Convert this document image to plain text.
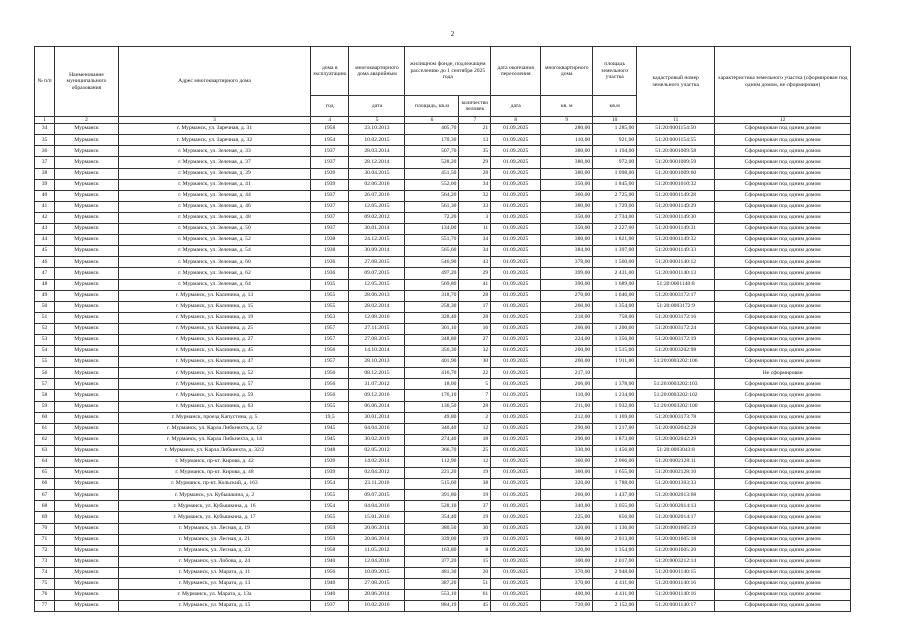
2
№ п/п	Наименование муниципального образования	Адрес многоквартирного дома	дома в эксплуатацию	многоквартирного дома аварийным	жилищном фонде, подлежащем расселению до 1 сентября 2025 года		дата окончания переселения	многоквартирного дома	площадь земельного участка	кадастровый номер земельного участка	характеристика земельного участка (сформирован под одним домом, не сформирован)
			год	дата	площадь, кв.м	количество человек	дата	кв. м	кв.м		
1	2	3	4	5	6	7	8	9	10	11	12
34	Мурманск	г. Мурманск, ул. Заречная, д. 31	1958	23.10.2013	405,70	21	01.09.2025	280,00	1 285,00	51:20:0001154:50	Сформирован под одним домом
35	Мурманск	г. Мурманск, ул. Заречная, д. 32	1954	10.02.2015	170,30	13	01.09.2025	110,00	921,00	51:20:0001154:55	Сформирован под одним домом
36	Мурманск	г. Мурманск, ул. Зеленая, д. 33	1937	28.03.2014	507,70	35	01.09.2025	380,00	1 194,00	51:20:0001009:58	Сформирован под одним домом
37	Мурманск	г. Мурманск, ул. Зеленая, д. 37	1937	28.12.2014	528,20	29	01.09.2025	380,00	972,00	51:20:0001009:59	Сформирован под одним домом
38	Мурманск	г. Мурманск, ул. Зеленая, д. 39	1939	30.04.2015	451,50	28	01.09.2025	380,00	1 098,00	51:20:0001009:60	Сформирован под одним домом
39	Мурманск	г. Мурманск, ул. Зеленая, д. 41	1939	02.06.2016	552,00	34	01.09.2025	350,00	1 845,00	51:20:0001010:32	Сформирован под одним домом
40	Мурманск	г. Мурманск, ул. Зеленая, д. 44	1937	26.07.2016	564,20	32	01.09.2025	360,00	2 725,00	51:20:0001149:28	Сформирован под одним домом
41	Мурманск	г. Мурманск, ул. Зеленая, д. 46	1937	12.05.2015	561,30	33	01.09.2025	380,00	1 729,00	51:20:0001149:29	Сформирован под одним домом
42	Мурманск	г. Мурманск, ул. Зеленая, д. 48	1937	09.02.2012	72,20	3	01.09.2025	350,00	2 734,00	51:20:0001149:30	Сформирован под одним домом
43	Мурманск	г. Мурманск, ул. Зеленая, д. 50	1937	30.01.2014	134,00	11	01.09.2025	350,00	2 227,00	51:20:0001149:31	Сформирован под одним домом
44	Мурманск	г. Мурманск, ул. Зеленая, д. 52	1938	24.12.2015	551,70	34	01.09.2025	380,00	1 821,00	51:20:0001149:32	Сформирован под одним домом
45	Мурманск	г. Мурманск, ул. Зеленая, д. 54	1938	30.09.2014	565,60	34	01.09.2025	384,00	1 397,00	51:20:0001149:33	Сформирован под одним домом
46	Мурманск	г. Мурманск, ул. Зеленая, д. 60	1936	27.08.2015	546,90	43	01.09.2025	378,00	1 560,00	51:20:0001140:12	Сформирован под одним домом
47	Мурманск	г. Мурманск, ул. Зеленая, д. 62	1936	09.07.2015	497,20	29	01.09.2025	399,00	2 431,00	51:20:0001140:13	Сформирован под одним домом
48	Мурманск	г. Мурманск, ул. Зеленая, д. 64	1935	12.05.2015	569,80	41	01.09.2025	390,00	1 689,00	51:20:0001140:8	Сформирован под одним домом
49	Мурманск	г. Мурманск, ул. Калинина, д. 13	1955	28.06.2013	318,70	28	01.09.2025	270,00	1 646,00	51:20:0003172:17	Сформирован под одним домом
50	Мурманск	г. Мурманск, ул. Калинина, д. 15	1955	28.02.2014	258,30	17	01.09.2025	260,00	1 354,00	51:20:0003172:9	Сформирован под одним домом
51	Мурманск	г. Мурманск, ул. Калинина, д. 19	1953	12.08.2016	328,40	28	01.09.2025	218,00	758,00	51:20:0003172:16	Сформирован под одним домом
52	Мурманск	г. Мурманск, ул. Калинина, д. 25	1957	27.11.2015	301,10	16	01.09.2025	260,00	1 200,00	51:20:0003172:24	Сформирован под одним домом
53	Мурманск	г. Мурманск, ул. Калинина, д. 27	1957	27.08.2015	348,80	27	01.09.2025	224,00	1 356,00	51:20:0003172:19	Сформирован под одним домом
54	Мурманск	г. Мурманск, ул. Калинина, д. 45	1956	14.10.2014	356,30	32	01.09.2025	260,00	1 515,00	51:20:0003202:98	Сформирован под одним домом
55	Мурманск	г. Мурманск, ул. Калинина, д. 47	1957	28.10.2013	401,90	30	01.09.2025	260,00	1 911,00	51:20:0003202:106	Сформирован под одним домом
56	Мурманск	г. Мурманск, ул. Калинина, д. 52	1956	08.12.2015	416,70	22	01.09.2025	217,10			Не сформирован
57	Мурманск	г. Мурманск, ул. Калинина, д. 57	1956	31.07.2012	18,00	5	01.09.2025	206,00	1 378,00	51:20:0003202:103	Сформирован под одним домом
58	Мурманск	г. Мурманск, ул. Калинина, д. 59	1956	09.12.2016	176,10	7	01.09.2025	110,00	1 234,00	51:20:0003202:102	Сформирован под одним домом
59	Мурманск	г. Мурманск, ул. Калинина, д. 63	1955	06.06.2014	136,50	28	01.09.2025	211,00	1 932,00	51:20:0003202:100	Сформирован под одним домом
60	Мурманск	г. Мурманск, проезд Капустина, д. 5	19,5	30.01.2014	49,80	2	01.09.2025	212,00	1 169,00	51:20:0003173:78	Сформирован под одним домом
61	Мурманск	г. Мурманск, ул. Карла Либкнехта, д. 12	1945	04.04.2016	340,40	12	01.09.2025	290,00	1 217,00	51:20:0002042:28	Сформирован под одним домом
62	Мурманск	г. Мурманск, ул. Карла Либкнехта, д. 14	1945	30.02.2019	274,40	18	01.09.2025	290,00	1 873,00	51:20:0002042:29	Сформирован под одним домом
63	Мурманск	г. Мурманск, ул. Карла Либкнехта, д. 32/2	1948	02.05.2012	366,70	25	01.09.2025	330,00	1 456,00	51:20:0003043:8	Сформирован под одним домом
64	Мурманск	г. Мурманск, пр-кт. Кирова, д. 42	1939	14.02.2014	112,90	12	01.09.2025	360,00	2 066,00	51:20:0002128:11	Сформирован под одним домом
65	Мурманск	г. Мурманск, пр-кт. Кирова, д. 48	1939	02.04.2012	221,20	19	01.09.2025	360,00	1 655,00	51:20:0002128:10	Сформирован под одним домом
66	Мурманск	г. Мурманск, пр-кт. Кольский, д. 163	1954	23.11.2016	515,60	38	01.09.2025	320,00	1 788,00	51:20:0001303:33	Сформирован под одним домом
67	Мурманск	г. Мурманск, ул. Кубышкина, д. 2	1955	09.07.2015	391,80	19	01.09.2025	260,00	1 437,00	51:20:0002013:68	Сформирован под одним домом
68	Мурманск	г. Мурманск, ул. Кубышкина, д. 16	1954	04.04.2016	528,10	37	01.09.2025	340,00	3 055,00	51:20:0002014:13	Сформирован под одним домом
69	Мурманск	г. Мурманск, ул. Кубышкина, д. 17	1955	15.01.2016	354,40	19	01.09.2025	225,00	856,00	51:20:0002014:17	Сформирован под одним домом
70	Мурманск	г. Мурманск, ул. Лесная, д. 19	1959	20.06.2014	380,50	30	01.09.2025	320,00	1 136,00	51:20:0001605:19	Сформирован под одним домом
71	Мурманск	г. Мурманск, ул. Лесная, д. 21	1959	20.06.2014	339,00	19	01.09.2025	600,00	2 013,00	51:20:0001605:18	Сформирован под одним домом
72	Мурманск	г. Мурманск, ул. Лесная, д. 23	1958	11.05.2012	163,80	8	01.09.2025	320,00	1 354,00	51:20:0001605:20	Сформирован под одним домом
73	Мурманск	г. Мурманск, ул. Лобова, д. 24	1940	12.04.2016	377,20	15	01.09.2025	300,00	2 017,00	51:20:0003212:14	Сформирован под одним домом
74	Мурманск	г. Мурманск, ул. Марата, д. 11	1956	10.09.2015	481,30	20	01.09.2025	370,00	2 948,00	51:20:0001140:15	Сформирован под одним домом
75	Мурманск	г. Мурманск, ул. Марата, д. 13	1940	27.08.2015	387,20	51	01.09.2025	370,00	4 411,00	51:20:0001140:16	Сформирован под одним домом
76	Мурманск	г. Мурманск, ул. Марата, д. 13а	1940	20.06.2014	553,10	61	01.09.2025	400,00	4 411,00	51:20:0001140:16	Сформирован под одним домом
77	Мурманск	г. Мурманск, ул. Марата, д. 15	1937	10.02.2016	884,19	45	01.09.2025	720,00	2 152,00	51:20:0001140:17	Сформирован под одним домом
